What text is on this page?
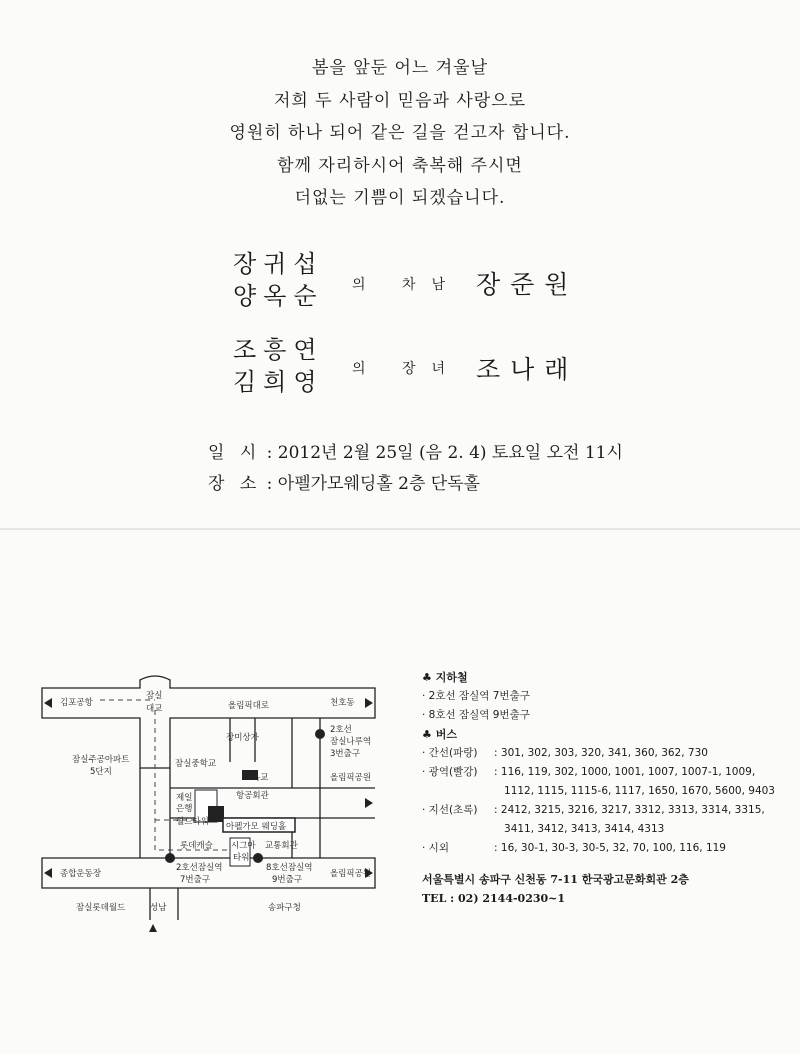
봄을 앞둔 어느 겨울날
저희 두 사람이 믿음과 사랑으로
영원히 하나 되어 같은 길을 걷고자 합니다.
함께 자리하시어 축복해 주시면
더없는 기쁨이 되겠습니다.
장귀섭
양옥순 의 차남 장준원
조흥연
김희영 의 장녀 조나래
일 시 : 2012년 2월 25일 (음 2. 4) 토요일 오전 11시
장 소 : 아펠가모웨딩홀 2층 단독홀
김포공항
잠실
대교	올림픽대로	천호동
잠실주공아파트
5단지
잠실중학교
장미상가
2호선
잠실나루역
3번출구
옥교	올림픽공원
항공회관
제일
은행
월드타워 아펠가모 웨딩홀
롯데캐슬 시그마
타워
교통회관
2호선잠실역
7번출구
8호선잠실역
9번출구
종합운동장	올림픽공원
잠실롯데월드	성남	송파구청
♣ 지하철
· 2호선 잠실역 7번출구
· 8호선 잠실역 9번출구
♣ 버스
· 간선(파랑)	: 301, 302, 303, 320, 341, 360, 362, 730
· 광역(빨강)	: 116, 119, 302, 1000, 1001, 1007, 1007-1, 1009,

1112, 1115, 1115-6, 1117, 1650, 1670, 5600, 9403
· 지선(초록)	: 2412, 3215, 3216, 3217, 3312, 3313, 3314, 3315,

3411, 3412, 3413, 3414, 4313
· 시외	: 16, 30-1, 30-3, 30-5, 32, 70, 100, 116, 119
서울특별시 송파구 신천동 7-11 한국광고문화회관 2층
TEL : 02) 2144-0230~1
